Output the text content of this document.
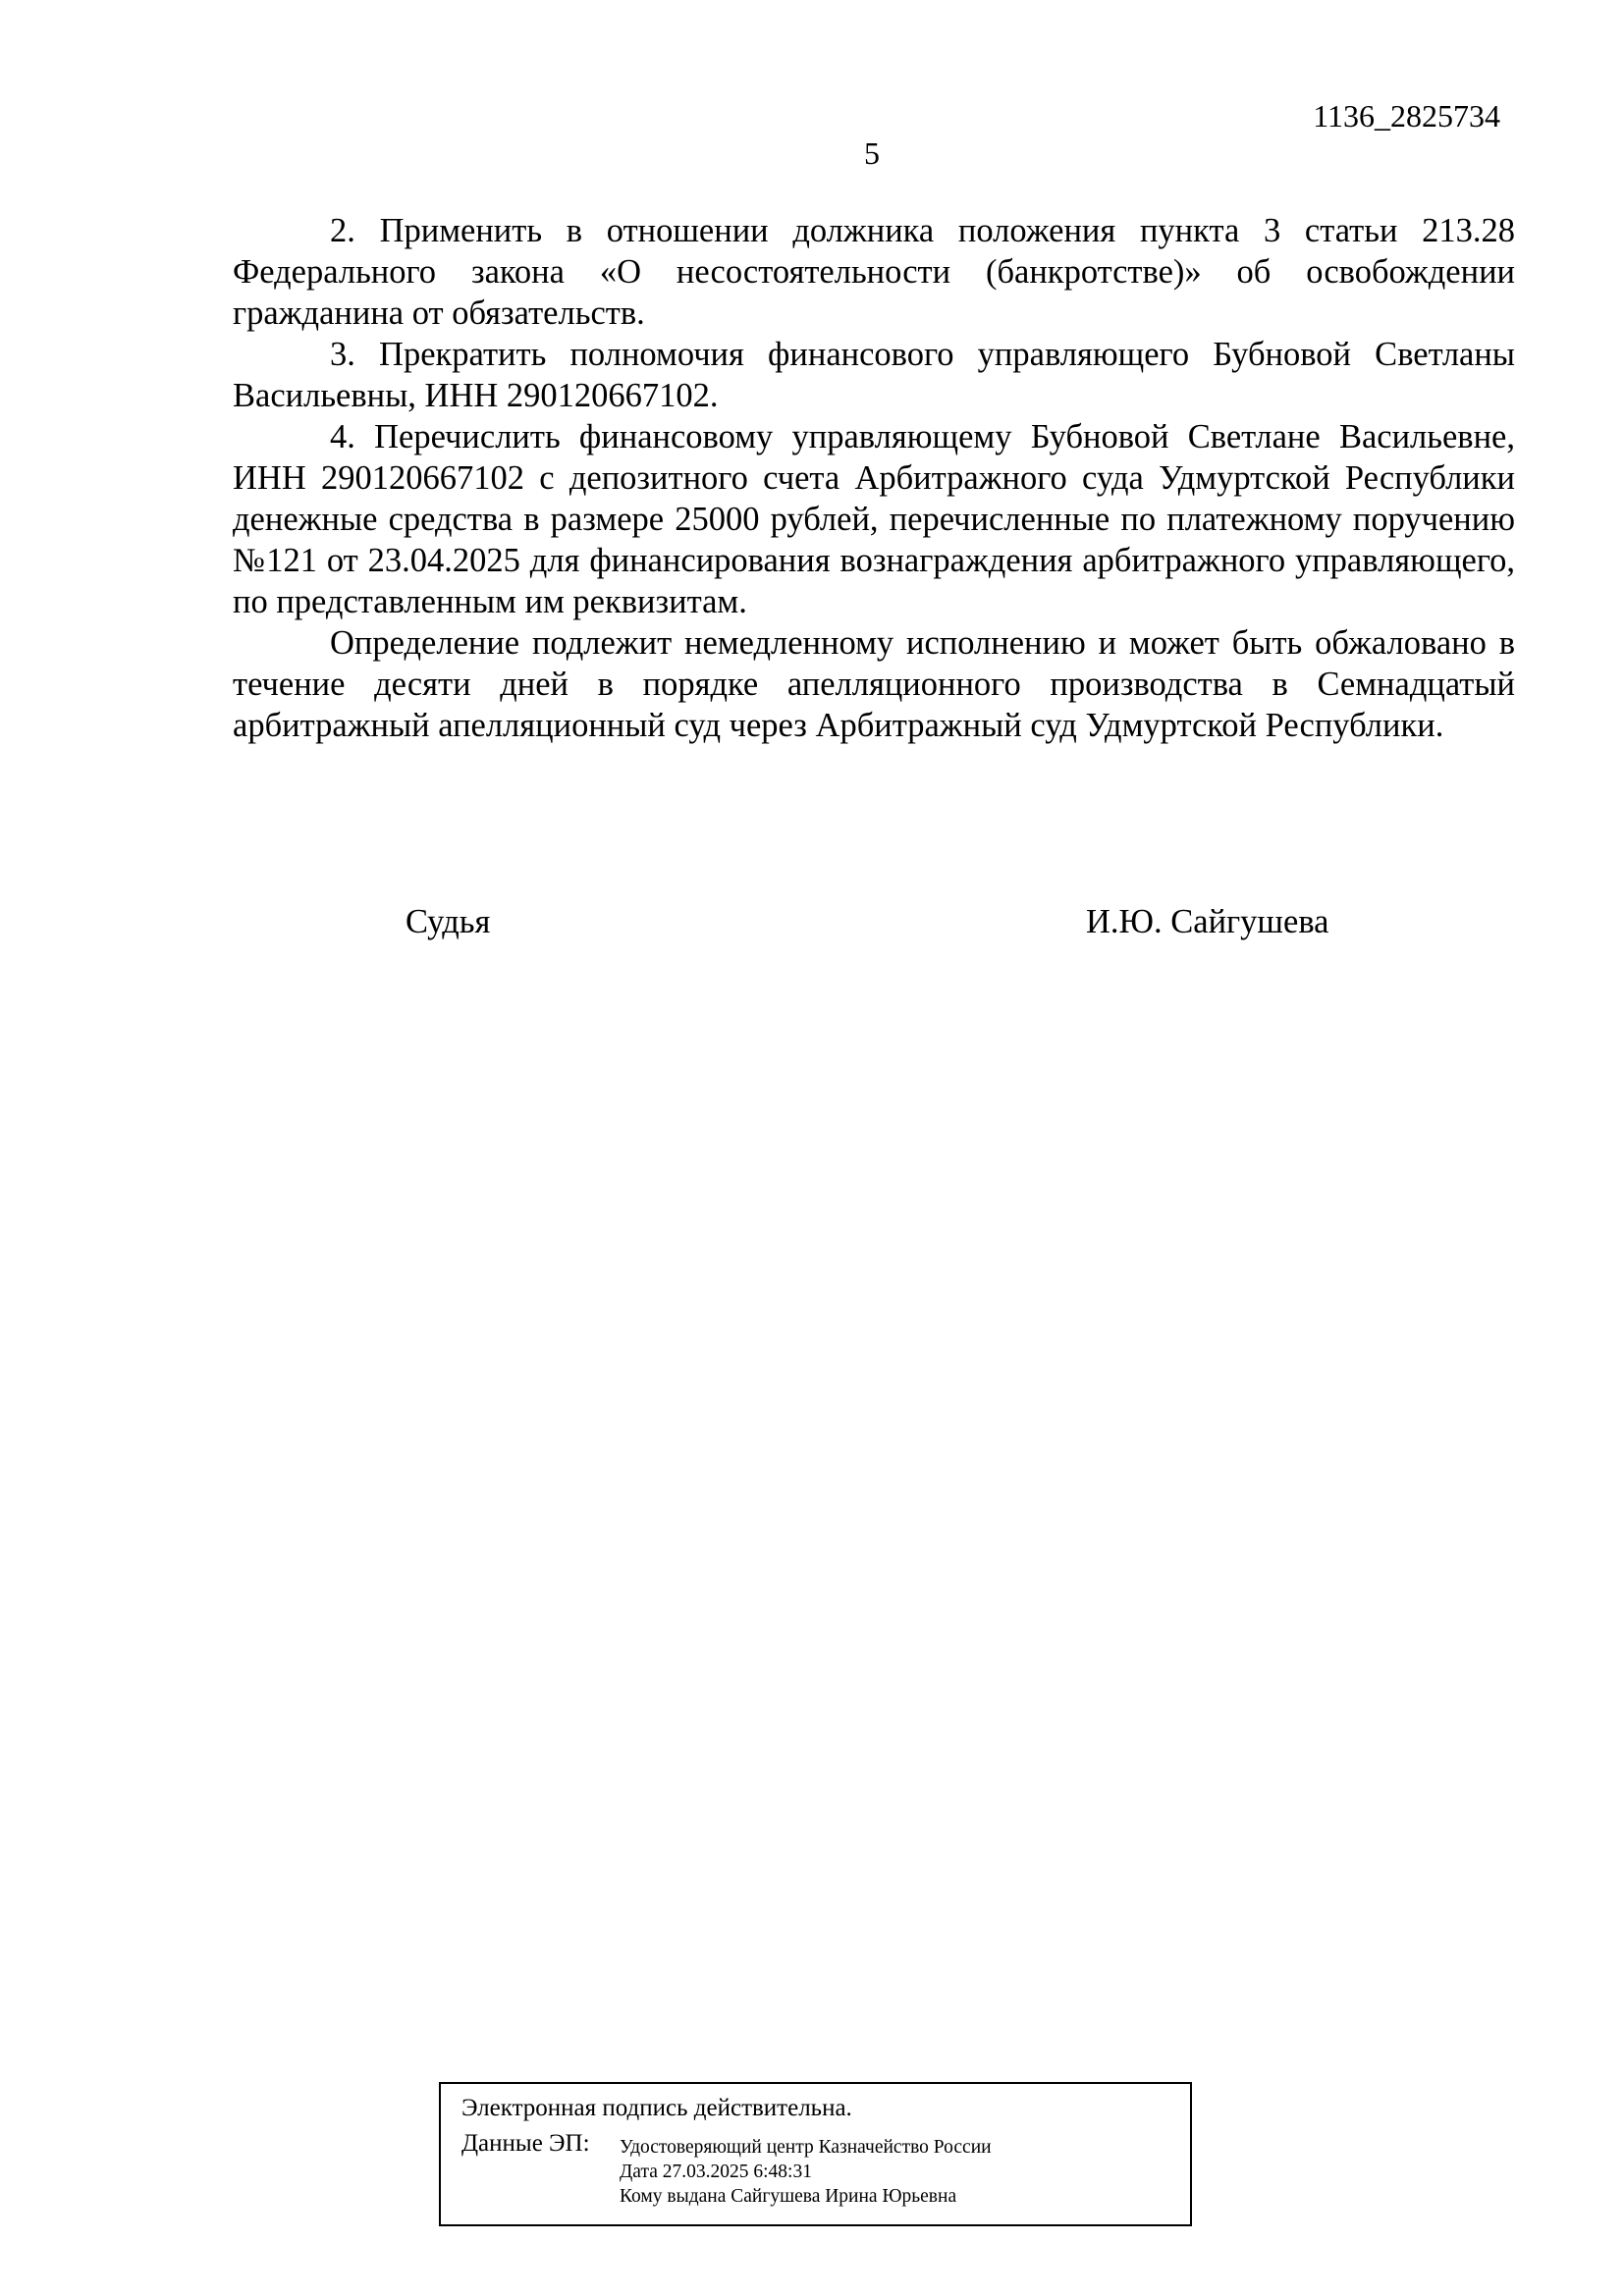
1136_2825734
5

2. Применить в отношении должника положения пункта 3 статьи 213.28 Федерального закона «О несостоятельности (банкротстве)» об освобождении гражданина от обязательств.

3. Прекратить полномочия финансового управляющего Бубновой Светланы Васильевны, ИНН 290120667102.

4. Перечислить финансовому управляющему Бубновой Светлане Васильевне, ИНН 290120667102 с депозитного счета Арбитражного суда Удмуртской Республики денежные средства в размере 25000 рублей, перечисленные по платежному поручению №121 от 23.04.2025 для финансирования вознаграждения арбитражного управляющего, по представленным им реквизитам.

Определение подлежит немедленному исполнению и может быть обжаловано в течение десяти дней в порядке апелляционного производства в Семнадцатый арбитражный апелляционный суд через Арбитражный суд Удмуртской Республики.

Судья	И.Ю. Сайгушева
Электронная подпись действительна.
Данные ЭП: Удостоверяющий центр Казначейство России
Дата 27.03.2025 6:48:31
Кому выдана Сайгушева Ирина Юрьевна
